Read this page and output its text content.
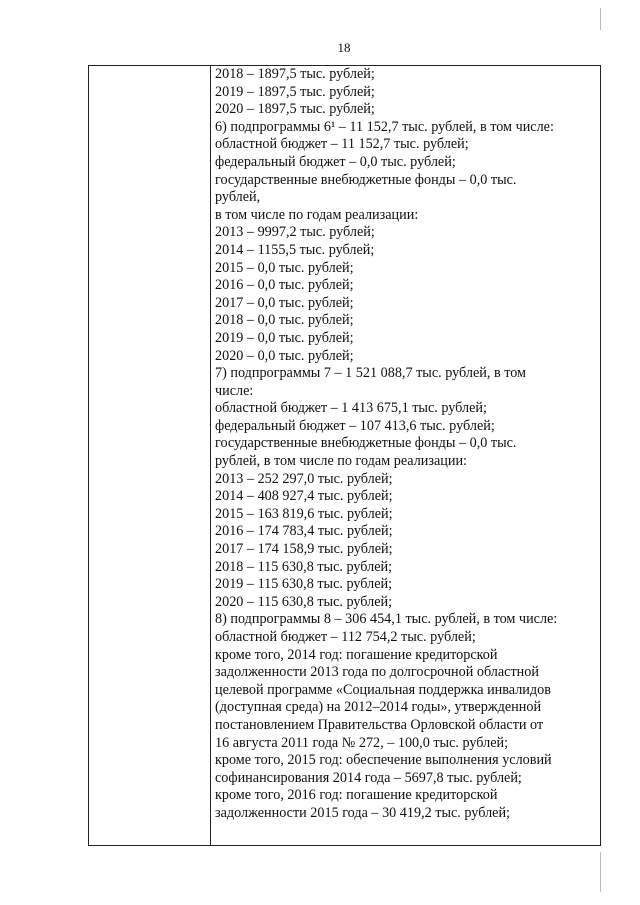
18
2018 – 1897,5 тыс. рублей;
2019 – 1897,5 тыс. рублей;
2020 – 1897,5 тыс. рублей;
6) подпрограммы 6¹ – 11 152,7 тыс. рублей, в том числе:
областной бюджет – 11 152,7 тыс. рублей;
федеральный бюджет – 0,0 тыс. рублей;
государственные внебюджетные фонды – 0,0 тыс.
рублей,
в том числе по годам реализации:
2013 – 9997,2 тыс. рублей;
2014 – 1155,5 тыс. рублей;
2015 – 0,0 тыс. рублей;
2016 – 0,0 тыс. рублей;
2017 – 0,0 тыс. рублей;
2018 – 0,0 тыс. рублей;
2019 – 0,0 тыс. рублей;
2020 – 0,0 тыс. рублей;
7) подпрограммы 7 – 1 521 088,7 тыс. рублей, в том
числе:
областной бюджет – 1 413 675,1 тыс. рублей;
федеральный бюджет – 107 413,6 тыс. рублей;
государственные внебюджетные фонды – 0,0 тыс.
рублей, в том числе по годам реализации:
2013 – 252 297,0 тыс. рублей;
2014 – 408 927,4 тыс. рублей;
2015 – 163 819,6 тыс. рублей;
2016 – 174 783,4 тыс. рублей;
2017 – 174 158,9 тыс. рублей;
2018 – 115 630,8 тыс. рублей;
2019 – 115 630,8 тыс. рублей;
2020 – 115 630,8 тыс. рублей;
8) подпрограммы 8 – 306 454,1 тыс. рублей, в том числе:
областной бюджет – 112 754,2 тыс. рублей;
кроме того, 2014 год: погашение кредиторской
задолженности 2013 года по долгосрочной областной
целевой программе «Социальная поддержка инвалидов
(доступная среда) на 2012–2014 годы», утвержденной
постановлением Правительства Орловской области от
16 августа 2011 года № 272, – 100,0 тыс. рублей;
кроме того, 2015 год: обеспечение выполнения условий
софинансирования 2014 года – 5697,8 тыс. рублей;
кроме того, 2016 год: погашение кредиторской
задолженности 2015 года – 30 419,2 тыс. рублей;
